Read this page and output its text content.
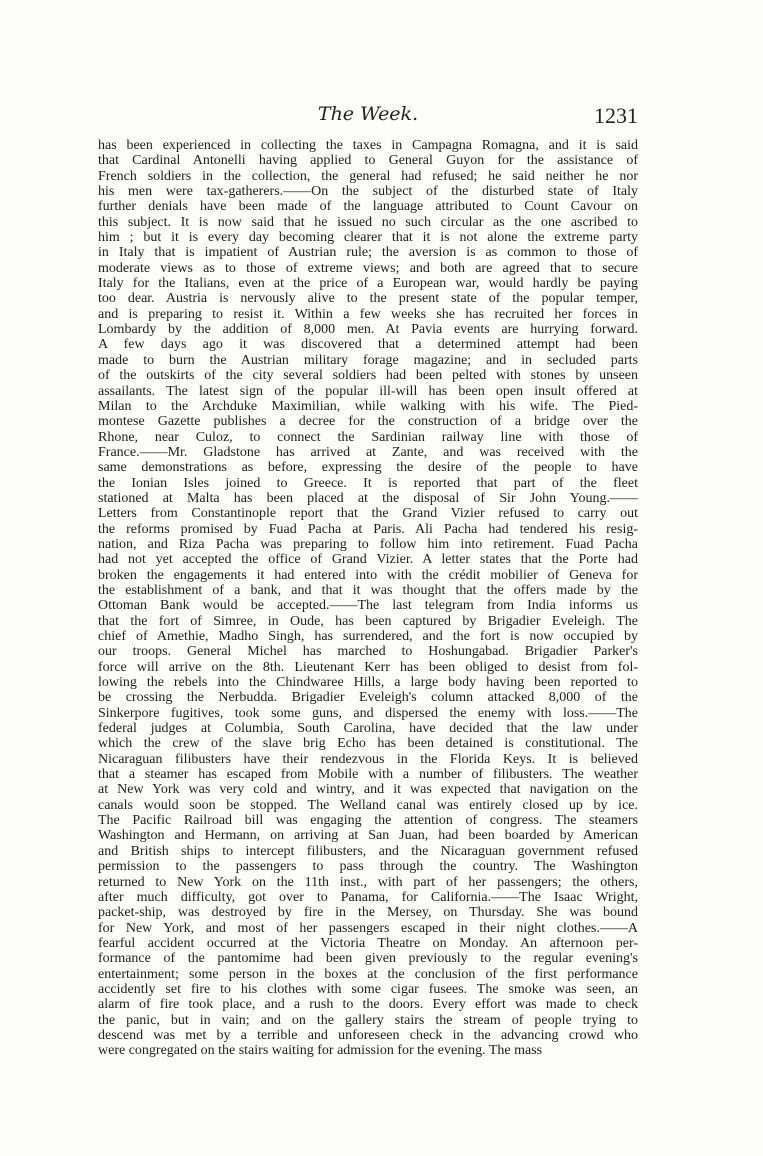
The Week.	1231
has been experienced in collecting the taxes in Campagna Romagna, and it is said
that Cardinal Antonelli having applied to General Guyon for the assistance of
French soldiers in the collection, the general had refused; he said neither he nor
his men were tax-gatherers.——On the subject of the disturbed state of Italy
further denials have been made of the language attributed to Count Cavour on
this subject. It is now said that he issued no such circular as the one ascribed to
him ; but it is every day becoming clearer that it is not alone the extreme party
in Italy that is impatient of Austrian rule; the aversion is as common to those of
moderate views as to those of extreme views; and both are agreed that to secure
Italy for the Italians, even at the price of a European war, would hardly be paying
too dear. Austria is nervously alive to the present state of the popular temper,
and is preparing to resist it. Within a few weeks she has recruited her forces in
Lombardy by the addition of 8,000 men. At Pavia events are hurrying forward.
A few days ago it was discovered that a determined attempt had been
made to burn the Austrian military forage magazine; and in secluded parts
of the outskirts of the city several soldiers had been pelted with stones by unseen
assailants. The latest sign of the popular ill-will has been open insult offered at
Milan to the Archduke Maximilian, while walking with his wife. The Pied-
montese Gazette publishes a decree for the construction of a bridge over the
Rhone, near Culoz, to connect the Sardinian railway line with those of
France.——Mr. Gladstone has arrived at Zante, and was received with the
same demonstrations as before, expressing the desire of the people to have
the Ionian Isles joined to Greece. It is reported that part of the fleet
stationed at Malta has been placed at the disposal of Sir John Young.——
Letters from Constantinople report that the Grand Vizier refused to carry out
the reforms promised by Fuad Pacha at Paris. Ali Pacha had tendered his resig-
nation, and Riza Pacha was preparing to follow him into retirement. Fuad Pacha
had not yet accepted the office of Grand Vizier. A letter states that the Porte had
broken the engagements it had entered into with the crédit mobilier of Geneva for
the establishment of a bank, and that it was thought that the offers made by the
Ottoman Bank would be accepted.——The last telegram from India informs us
that the fort of Simree, in Oude, has been captured by Brigadier Eveleigh. The
chief of Amethie, Madho Singh, has surrendered, and the fort is now occupied by
our troops. General Michel has marched to Hoshungabad. Brigadier Parker's
force will arrive on the 8th. Lieutenant Kerr has been obliged to desist from fol-
lowing the rebels into the Chindwaree Hills, a large body having been reported to
be crossing the Nerbudda. Brigadier Eveleigh's column attacked 8,000 of the
Sinkerpore fugitives, took some guns, and dispersed the enemy with loss.——The
federal judges at Columbia, South Carolina, have decided that the law under
which the crew of the slave brig Echo has been detained is constitutional. The
Nicaraguan filibusters have their rendezvous in the Florida Keys. It is believed
that a steamer has escaped from Mobile with a number of filibusters. The weather
at New York was very cold and wintry, and it was expected that navigation on the
canals would soon be stopped. The Welland canal was entirely closed up by ice.
The Pacific Railroad bill was engaging the attention of congress. The steamers
Washington and Hermann, on arriving at San Juan, had been boarded by American
and British ships to intercept filibusters, and the Nicaraguan government refused
permission to the passengers to pass through the country. The Washington
returned to New York on the 11th inst., with part of her passengers; the others,
after much difficulty, got over to Panama, for California.——The Isaac Wright,
packet-ship, was destroyed by fire in the Mersey, on Thursday. She was bound
for New York, and most of her passengers escaped in their night clothes.——A
fearful accident occurred at the Victoria Theatre on Monday. An afternoon per-
formance of the pantomime had been given previously to the regular evening's
entertainment; some person in the boxes at the conclusion of the first performance
accidently set fire to his clothes with some cigar fusees. The smoke was seen, an
alarm of fire took place, and a rush to the doors. Every effort was made to check
the panic, but in vain; and on the gallery stairs the stream of people trying to
descend was met by a terrible and unforeseen check in the advancing crowd who
were congregated on the stairs waiting for admission for the evening. The mass
